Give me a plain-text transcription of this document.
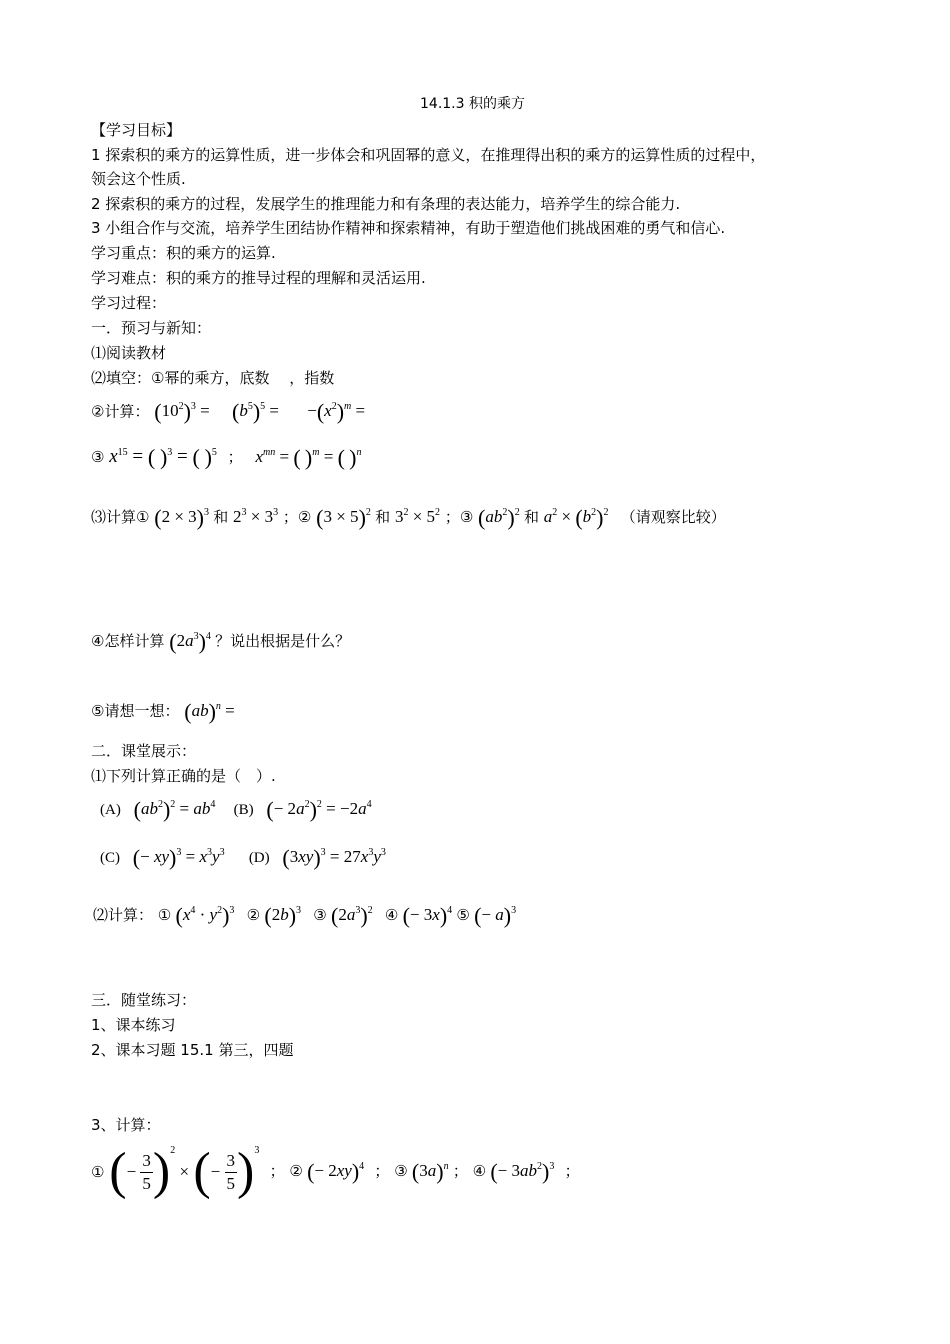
14.1.3 积的乘方
【学习目标】
1 探索积的乘方的运算性质，进一步体会和巩固幂的意义，在推理得出积的乘方的运算性质的过程中，
领会这个性质.
2 探索积的乘方的过程，发展学生的推理能力和有条理的表达能力，培养学生的综合能力.
3 小组合作与交流，培养学生团结协作精神和探索精神，有助于塑造他们挑战困难的勇气和信心.
学习重点：积的乘方的运算.
学习难点：积的乘方的推导过程的理解和灵活运用.
学习过程：
一．预习与新知：
⑴阅读教材
⑵填空：①幂的乘方，底数　 ，指数
②计算： $(10^2)^3 = (b^5)^5 = -(x^2)^m$ =
③ $x^{15}$ = ( )$^3$ = ( )$^5$ ； $x^{mn}$ = ( )$^m$ = ( )$^n$
⑶计算① $(2 \times 3)^3$ 和 $2^3 \times 3^3$ ；② $(3 \times 5)^2$ 和 $3^2 \times 5^2$ ；③ $(ab^2)^2$ 和 $a^2 \times (b^2)^2$ （请观察比较）
④怎样计算 $(2a^3)^4$ ？说出根据是什么？
⑤请想一想： (ab)$^n$ =
二．课堂展示：
⑴下列计算正确的是（　）.
(A) $(ab^2)^2 = ab^4$ (B) (− $2a^2)^2 = -2a^4$
(C) (− $xy)^3 = x^3y^3$ (D) $(3xy)^3 = 27x^3y^3$
⑵计算： ① $(x^4 \cdot y^2)^3$ ② $(2b)^3$ ③ $(2a^3)^2$ ④ (− 3x)$^4$ ⑤ (− a)$^3$
三．随堂练习：
1、课本练习
2、课本习题 15.1 第三，四题
3、计算：
① (− $\frac{3}{5} )^2$ × (− $\frac{3}{5} )^3$ ； ② (− 2xy)$^4$ ； ③ $(3a)^n$ ； ④ (− $3ab^2)^3$ ；
